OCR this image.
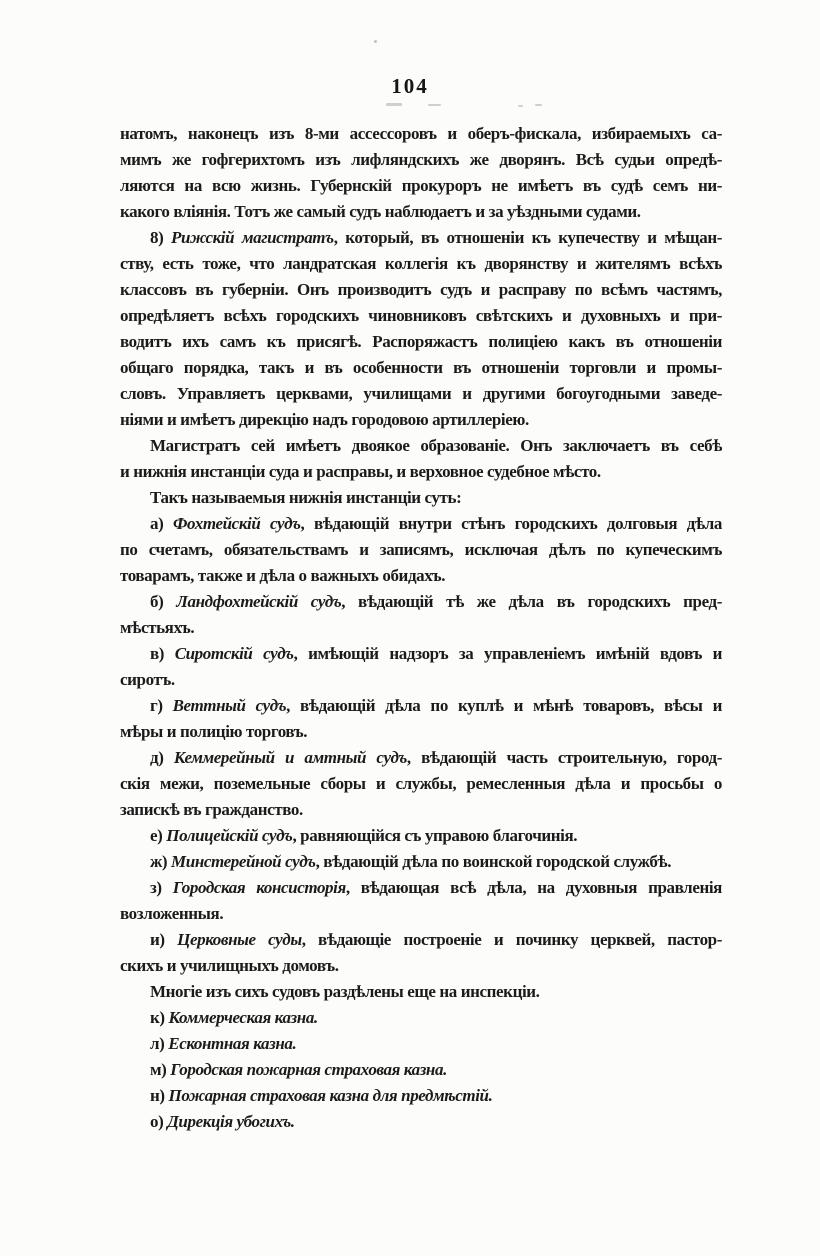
104
натомъ, наконецъ изъ 8-ми ассессоровъ и оберъ-фискала, избираемыхъ са-
мимъ же гофгерихтомъ изъ лифляндскихъ же дворянъ. Всѣ судьи опредѣ-
ляются на всю жизнь. Губернскій прокуроръ не имѣетъ въ судѣ семъ ни-
какого вліянія. Тотъ же самый судъ наблюдаетъ и за уѣздными судами.
8) Рижскій магистратъ, который, въ отношеніи къ купечеству и мѣщан-
ству, есть тоже, что ландратская коллегія къ дворянству и жителямъ всѣхъ
классовъ въ губерніи. Онъ производитъ судъ и расправу по всѣмъ частямъ,
опредѣляетъ всѣхъ городскихъ чиновниковъ свѣтскихъ и духовныхъ и при-
водитъ ихъ самъ къ присягѣ. Распоряжастъ полиціею какъ въ отношеніи
общаго порядка, такъ и въ особенности въ отношеніи торговли и промы-
словъ. Управляетъ церквами, училищами и другими богоугодными заведе-
ніями и имѣетъ дирекцію надъ городовою артиллеріею.
Магистратъ сей имѣетъ двоякое образованіе. Онъ заключаетъ въ себѣ
и нижнія инстанціи суда и расправы, и верховное судебное мѣсто.
Такъ называемыя нижнія инстанціи суть:
а) Фохтейскій судъ, вѣдающій внутри стѣнъ городскихъ долговыя дѣла
по счетамъ, обязательствамъ и записямъ, исключая дѣлъ по купеческимъ
товарамъ, также и дѣла о важныхъ обидахъ.
б) Ландфохтейскій судъ, вѣдающій тѣ же дѣла въ городскихъ пред-
мѣстьяхъ.
в) Сиротскій судъ, имѣющій надзоръ за управленіемъ имѣній вдовъ и
сиротъ.
г) Веттный судъ, вѣдающій дѣла по куплѣ и мѣнѣ товаровъ, вѣсы и
мѣры и полицію торговъ.
д) Кеммерейный и амтный судъ, вѣдающій часть строительную, город-
скія межи, поземельные сборы и службы, ремесленныя дѣла и просьбы о
запискѣ въ гражданство.
е) Полицейскій судъ, равняющійся съ управою благочинія.
ж) Минстерейной судъ, вѣдающій дѣла по воинской городской службѣ.
з) Городская консисторія, вѣдающая всѣ дѣла, на духовныя правленія
возложенныя.
и) Церковные суды, вѣдающіе построеніе и починку церквей, пастор-
скихъ и училищныхъ домовъ.
Многіе изъ сихъ судовъ раздѣлены еще на инспекціи.
к) Коммерческая казна.
л) Есконтная казна.
м) Городская пожарная страховая казна.
н) Пожарная страховая казна для предмѣстій.
о) Дирекція убогихъ.
